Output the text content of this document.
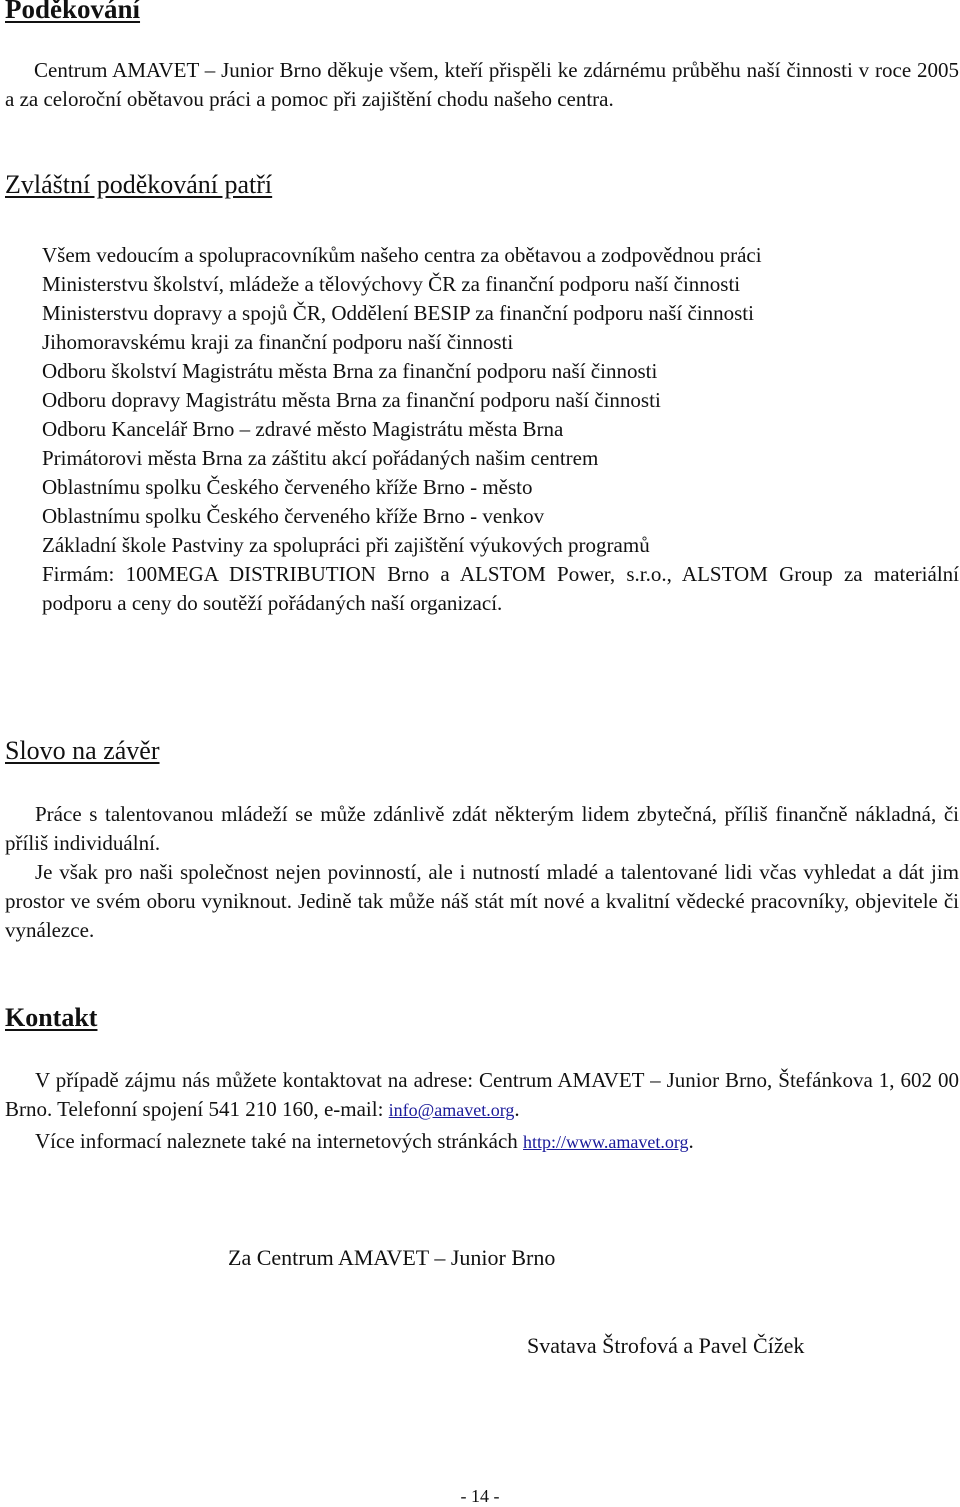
Poděkování

Centrum AMAVET – Junior Brno děkuje všem, kteří přispěli ke zdárnému průběhu naší činnosti v roce 2005 a za celoroční obětavou práci a pomoc při zajištění chodu našeho centra.

Zvláštní poděkování patří
Všem vedoucím a spolupracovníkům našeho centra za obětavou a zodpovědnou práci
Ministerstvu školství, mládeže a tělovýchovy ČR za finanční podporu naší činnosti
Ministerstvu dopravy a spojů ČR, Oddělení BESIP za finanční podporu naší činnosti
Jihomoravskému kraji za finanční podporu naší činnosti
Odboru školství Magistrátu města Brna za finanční podporu naší činnosti
Odboru dopravy Magistrátu města Brna za finanční podporu naší činnosti
Odboru Kancelář Brno – zdravé město Magistrátu města Brna
Primátorovi města Brna za záštitu akcí pořádaných našim centrem
Oblastnímu spolku Českého červeného kříže Brno - město
Oblastnímu spolku Českého červeného kříže Brno - venkov
Základní škole Pastviny za spolupráci při zajištění výukových programů
Firmám: 100MEGA DISTRIBUTION Brno a ALSTOM Power, s.r.o., ALSTOM Group za materiální podporu a ceny do soutěží pořádaných naší organizací.
Slovo na závěr

Práce s talentovanou mládeží se může zdánlivě zdát některým lidem zbytečná, příliš finančně nákladná, či příliš individuální.

Je však pro naši společnost nejen povinností, ale i nutností mladé a talentované lidi včas vyhledat a dát jim prostor ve svém oboru vyniknout. Jedině tak může náš stát mít nové a kvalitní vědecké pracovníky, objevitele či vynálezce.

Kontakt

V případě zájmu nás můžete kontaktovat na adrese: Centrum AMAVET – Junior Brno, Štefánkova 1, 602 00 Brno. Telefonní spojení 541 210 160, e-mail: info@amavet.org.

Více informací naleznete také na internetových stránkách http://www.amavet.org.

Za Centrum AMAVET – Junior Brno
Svatava Štrofová a Pavel Čížek
- 14 -
